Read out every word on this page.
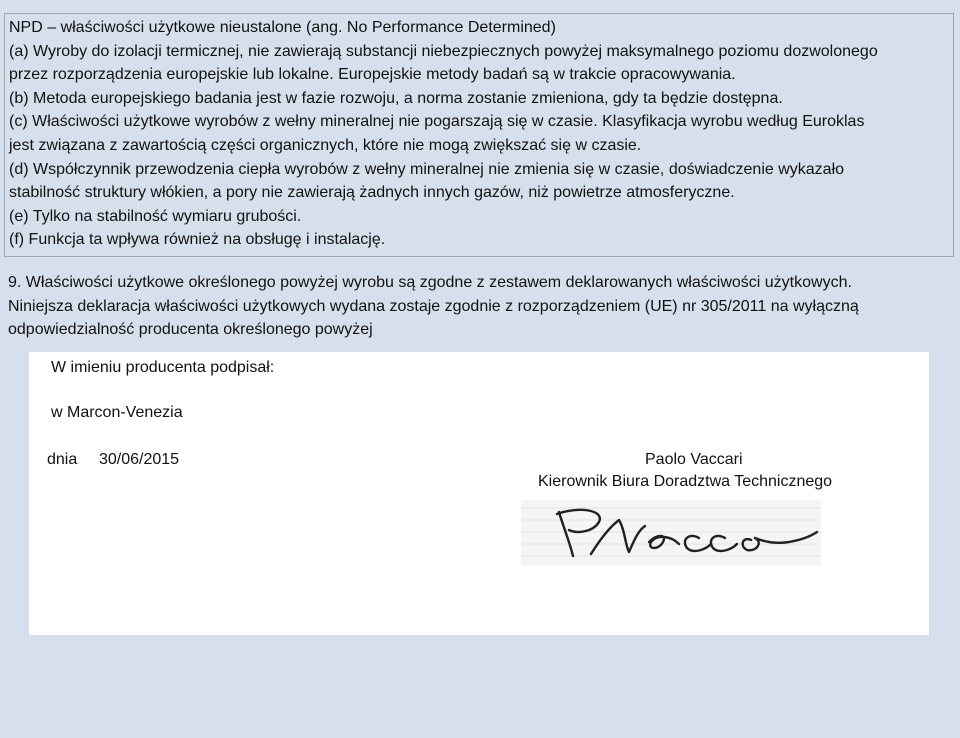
NPD – właściwości użytkowe nieustalone (ang. No Performance Determined)
(a) Wyroby do izolacji termicznej, nie zawierają substancji niebezpiecznych powyżej maksymalnego poziomu dozwolonego
przez rozporządzenia europejskie lub lokalne. Europejskie metody badań są w trakcie opracowywania.
(b) Metoda europejskiego badania jest w fazie rozwoju, a norma zostanie zmieniona, gdy ta będzie dostępna.
(c) Właściwości użytkowe wyrobów z wełny mineralnej nie pogarszają się w czasie. Klasyfikacja wyrobu według Euroklas
jest związana z zawartością części organicznych, które nie mogą zwiększać się w czasie.
(d) Współczynnik przewodzenia ciepła wyrobów z wełny mineralnej nie zmienia się w czasie, doświadczenie wykazało
stabilność struktury włókien, a pory nie zawierają żadnych innych gazów, niż powietrze atmosferyczne.
(e) Tylko na stabilność wymiaru grubości.
(f) Funkcja ta wpływa również na obsługę i instalację.
9. Właściwości użytkowe określonego powyżej wyrobu są zgodne z zestawem deklarowanych właściwości użytkowych.
Niniejsza deklaracja właściwości użytkowych wydana zostaje zgodnie z rozporządzeniem (UE) nr 305/2011 na wyłączną
odpowiedzialność producenta określonego powyżej
W imieniu producenta podpisał:
w Marcon-Venezia
dnia 30/06/2015	Paolo Vaccari
Kierownik Biura Doradztwa Technicznego
